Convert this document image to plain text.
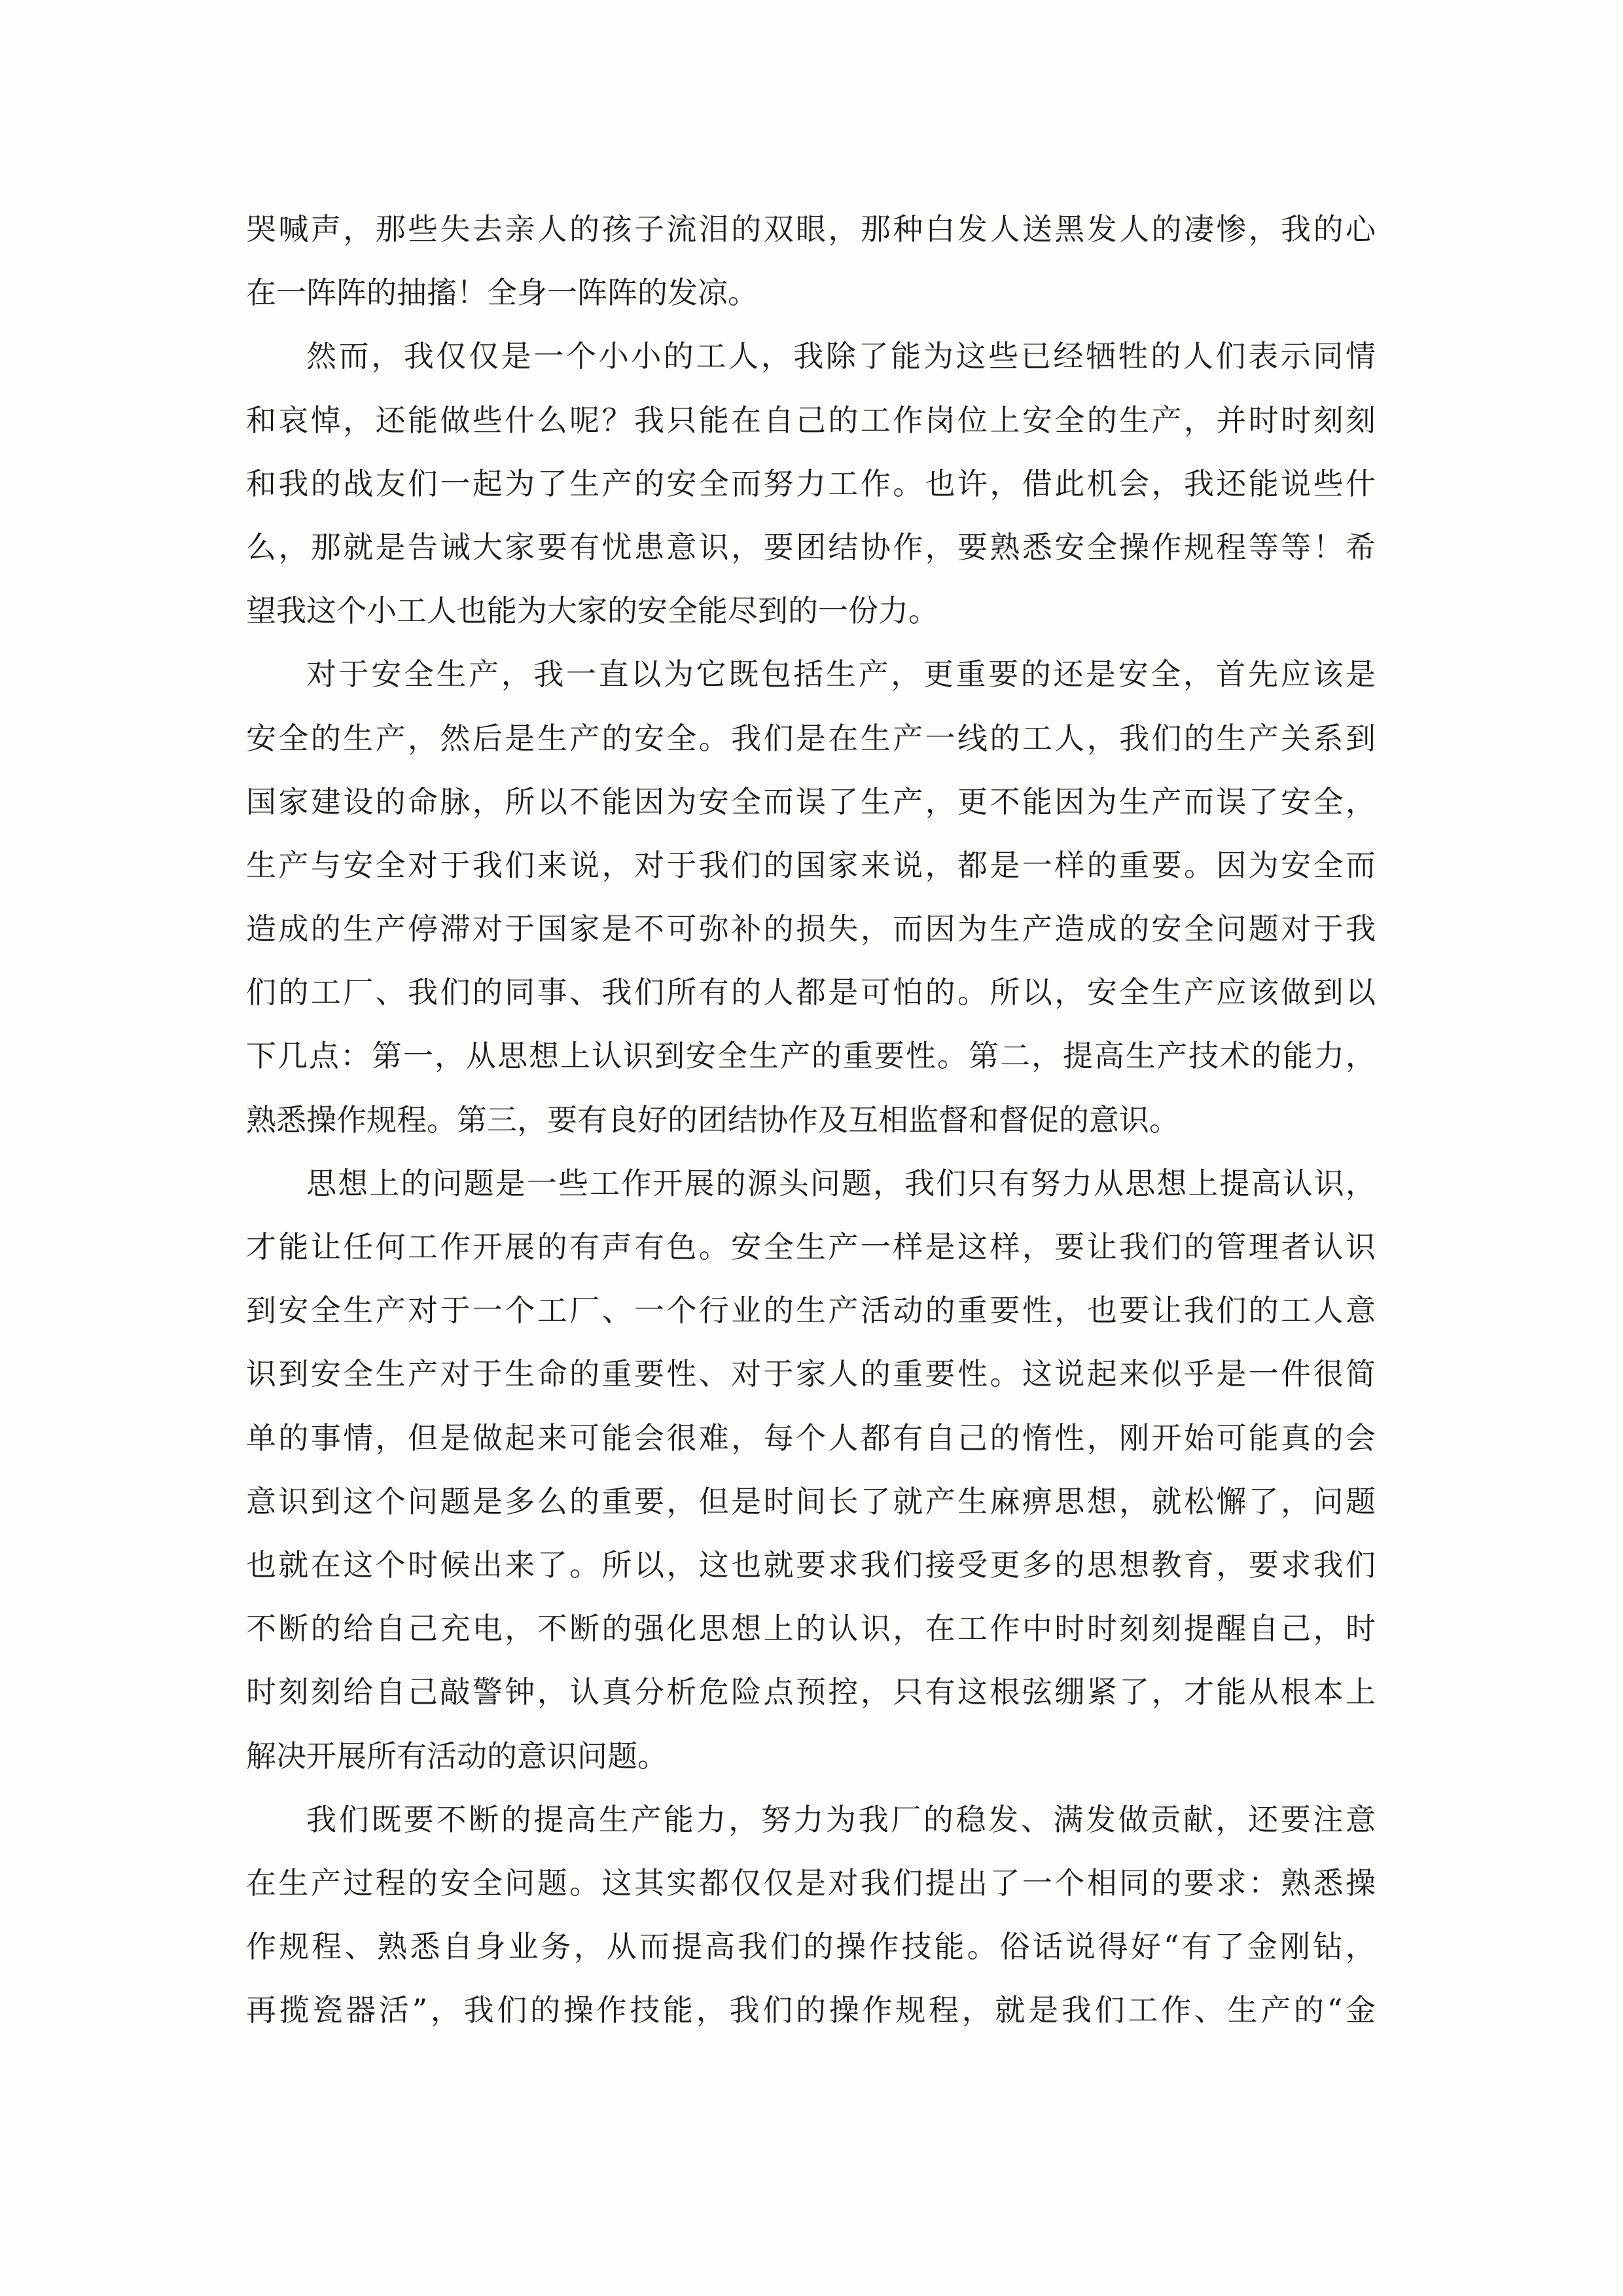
哭喊声，那些失去亲人的孩子流泪的双眼，那种白发人送黑发人的凄惨，我的心
在一阵阵的抽搐！全身一阵阵的发凉。
然而，我仅仅是一个小小的工人，我除了能为这些已经牺牲的人们表示同情
和哀悼，还能做些什么呢？我只能在自己的工作岗位上安全的生产，并时时刻刻
和我的战友们一起为了生产的安全而努力工作。也许，借此机会，我还能说些什
么，那就是告诫大家要有忧患意识，要团结协作，要熟悉安全操作规程等等！希
望我这个小工人也能为大家的安全能尽到的一份力。
对于安全生产，我一直以为它既包括生产，更重要的还是安全，首先应该是
安全的生产，然后是生产的安全。我们是在生产一线的工人，我们的生产关系到
国家建设的命脉，所以不能因为安全而误了生产，更不能因为生产而误了安全，
生产与安全对于我们来说，对于我们的国家来说，都是一样的重要。因为安全而
造成的生产停滞对于国家是不可弥补的损失，而因为生产造成的安全问题对于我
们的工厂、我们的同事、我们所有的人都是可怕的。所以，安全生产应该做到以
下几点：第一，从思想上认识到安全生产的重要性。第二，提高生产技术的能力，
熟悉操作规程。第三，要有良好的团结协作及互相监督和督促的意识。
思想上的问题是一些工作开展的源头问题，我们只有努力从思想上提高认识，
才能让任何工作开展的有声有色。安全生产一样是这样，要让我们的管理者认识
到安全生产对于一个工厂、一个行业的生产活动的重要性，也要让我们的工人意
识到安全生产对于生命的重要性、对于家人的重要性。这说起来似乎是一件很简
单的事情，但是做起来可能会很难，每个人都有自己的惰性，刚开始可能真的会
意识到这个问题是多么的重要，但是时间长了就产生麻痹思想，就松懈了，问题
也就在这个时候出来了。所以，这也就要求我们接受更多的思想教育，要求我们
不断的给自己充电，不断的强化思想上的认识，在工作中时时刻刻提醒自己，时
时刻刻给自己敲警钟，认真分析危险点预控，只有这根弦绷紧了，才能从根本上
解决开展所有活动的意识问题。
我们既要不断的提高生产能力，努力为我厂的稳发、满发做贡献，还要注意
在生产过程的安全问题。这其实都仅仅是对我们提出了一个相同的要求：熟悉操
作规程、熟悉自身业务，从而提高我们的操作技能。俗话说得好“有了金刚钻，
再揽瓷器活”，我们的操作技能，我们的操作规程，就是我们工作、生产的“金
